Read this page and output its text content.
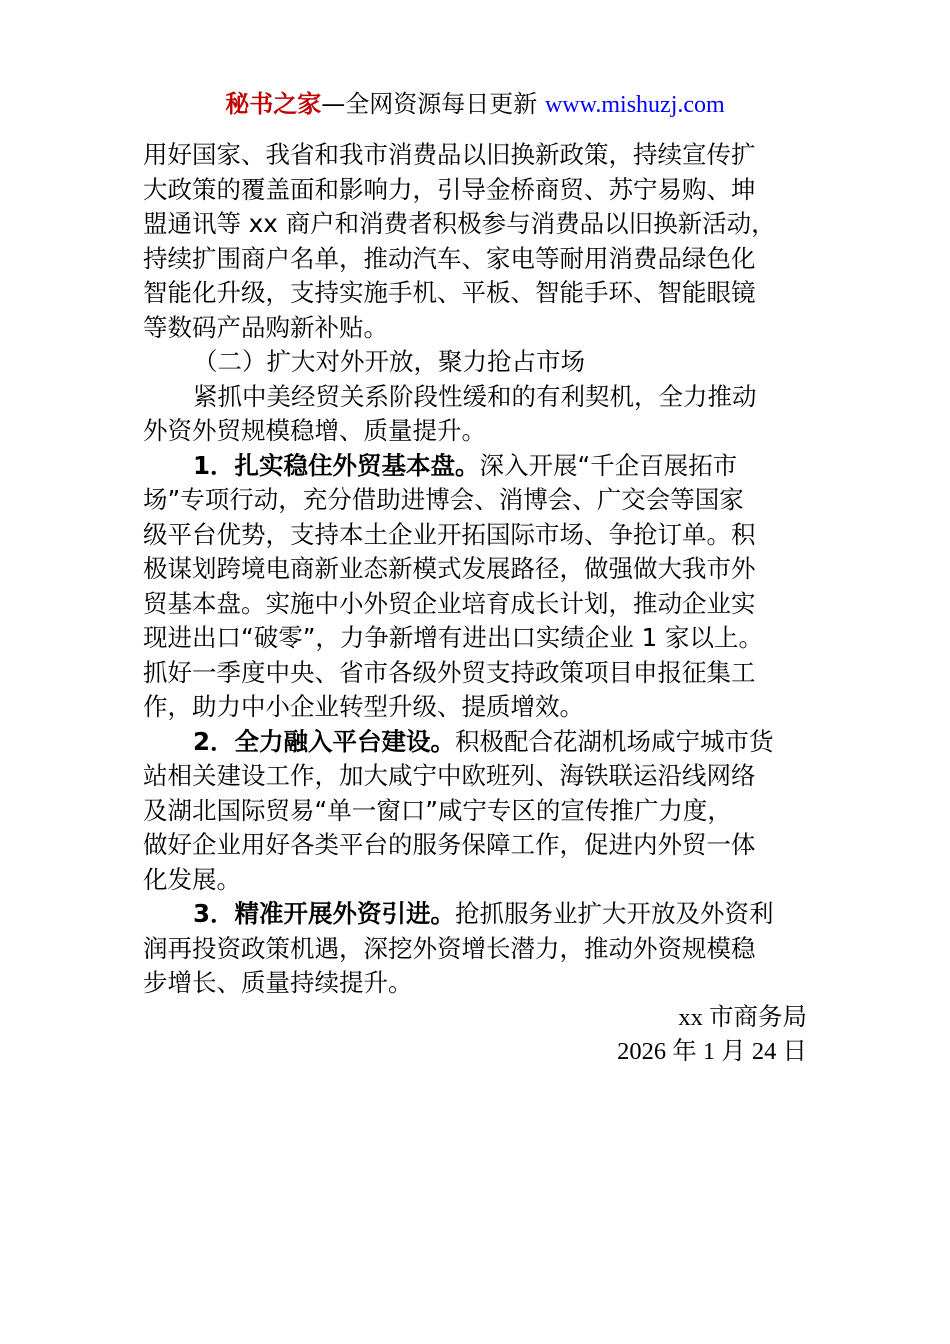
秘书之家—全网资源每日更新 www.mishuzj.com
用好国家、我省和我市消费品以旧换新政策，持续宣传扩
大政策的覆盖面和影响力，引导金桥商贸、苏宁易购、坤
盟通讯等 xx 商户和消费者积极参与消费品以旧换新活动，
持续扩围商户名单，推动汽车、家电等耐用消费品绿色化
智能化升级，支持实施手机、平板、智能手环、智能眼镜
等数码产品购新补贴。
（二）扩大对外开放，聚力抢占市场
紧抓中美经贸关系阶段性缓和的有利契机，全力推动
外资外贸规模稳增、质量提升。
1．扎实稳住外贸基本盘。深入开展“千企百展拓市
场”专项行动，充分借助进博会、消博会、广交会等国家
级平台优势，支持本土企业开拓国际市场、争抢订单。积
极谋划跨境电商新业态新模式发展路径，做强做大我市外
贸基本盘。实施中小外贸企业培育成长计划，推动企业实
现进出口“破零”，力争新增有进出口实绩企业 1 家以上。
抓好一季度中央、省市各级外贸支持政策项目申报征集工
作，助力中小企业转型升级、提质增效。
2．全力融入平台建设。积极配合花湖机场咸宁城市货
站相关建设工作，加大咸宁中欧班列、海铁联运沿线网络
及湖北国际贸易“单一窗口”咸宁专区的宣传推广力度，
做好企业用好各类平台的服务保障工作，促进内外贸一体
化发展。
3．精准开展外资引进。抢抓服务业扩大开放及外资利
润再投资政策机遇，深挖外资增长潜力，推动外资规模稳
步增长、质量持续提升。
xx 市商务局
2026 年 1 月 24 日
